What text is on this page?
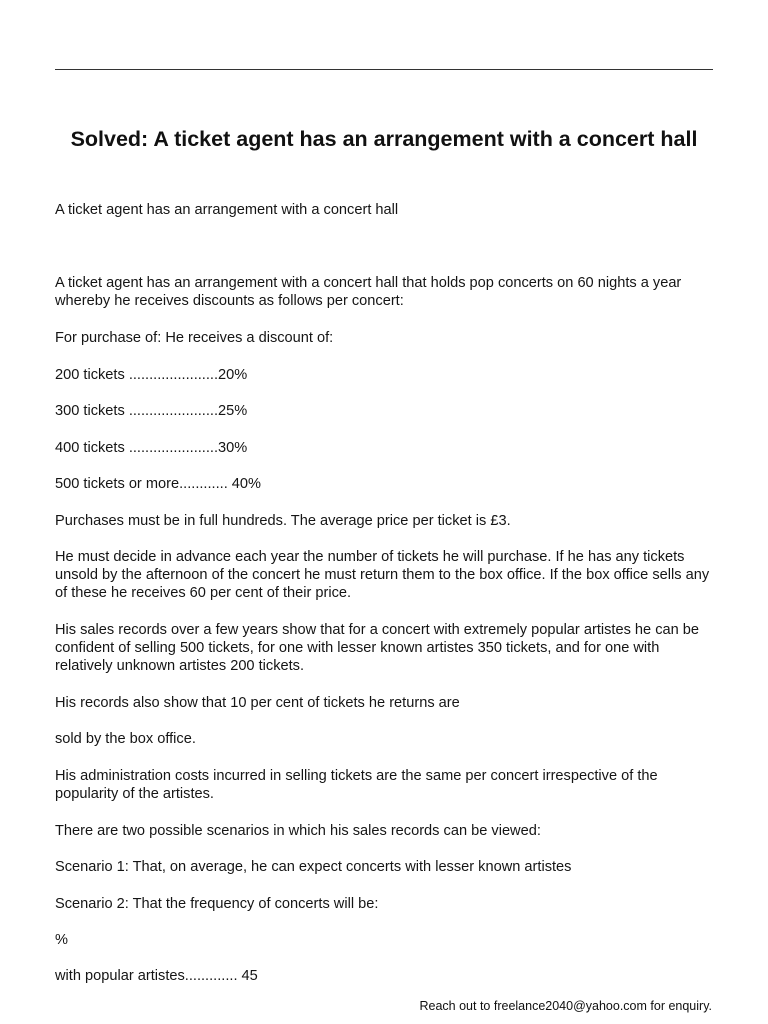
Solved: A ticket agent has an arrangement with a concert hall

A ticket agent has an arrangement with a concert hall

A ticket agent has an arrangement with a concert hall that holds pop concerts on 60 nights a year whereby he receives discounts as follows per concert:

For purchase of: He receives a discount of:

200 tickets ......................20%

300 tickets ......................25%

400 tickets ......................30%

500 tickets or more............ 40%

Purchases must be in full hundreds. The average price per ticket is £3.

He must decide in advance each year the number of tickets he will purchase. If he has any tickets unsold by the afternoon of the concert he must return them to the box office. If the box office sells any of these he receives 60 per cent of their price.

His sales records over a few years show that for a concert with extremely popular artistes he can be confident of selling 500 tickets, for one with lesser known artistes 350 tickets, and for one with relatively unknown artistes 200 tickets.

His records also show that 10 per cent of tickets he returns are

sold by the box office.

His administration costs incurred in selling tickets are the same per concert irrespective of the popularity of the artistes.

There are two possible scenarios in which his sales records can be viewed:

Scenario 1: That, on average, he can expect concerts with lesser known artistes

Scenario 2: That the frequency of concerts will be:

%

with popular artistes............. 45

Reach out to freelance2040@yahoo.com for enquiry.
